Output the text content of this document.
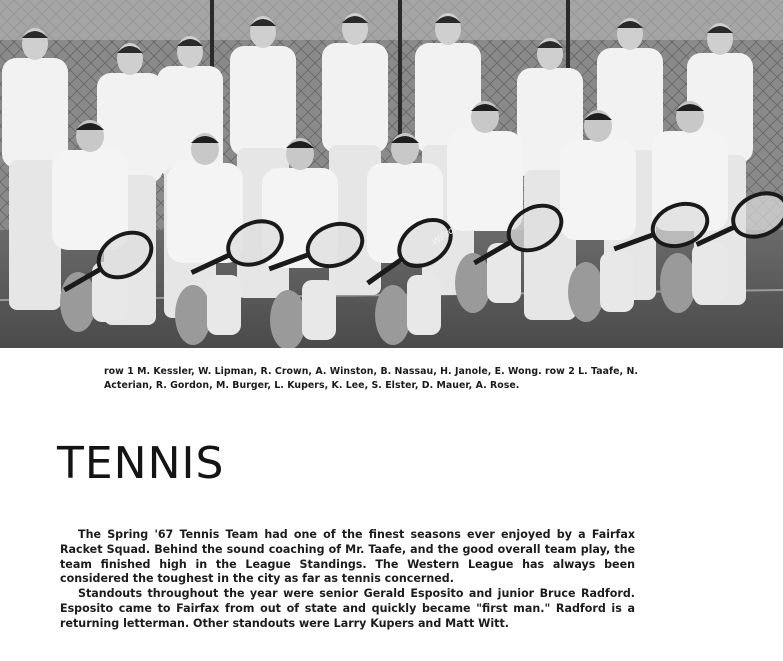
Wilson
row 1 M. Kessler, W. Lipman, R. Crown, A. Winston, B. Nassau, H. Janole, E. Wong. row 2 L. Taafe, N. Acterian, R. Gordon, M. Burger, L. Kupers, K. Lee, S. Elster, D. Mauer, A. Rose.
TENNIS

The Spring '67 Tennis Team had one of the finest seasons ever enjoyed by a Fairfax Racket Squad. Behind the sound coaching of Mr. Taafe, and the good overall team play, the team finished high in the League Standings. The Western League has always been considered the toughest in the city as far as tennis concerned.

Standouts throughout the year were senior Gerald Esposito and junior Bruce Radford. Esposito came to Fairfax from out of state and quickly became "first man." Radford is a returning letterman. Other standouts were Larry Kupers and Matt Witt.
